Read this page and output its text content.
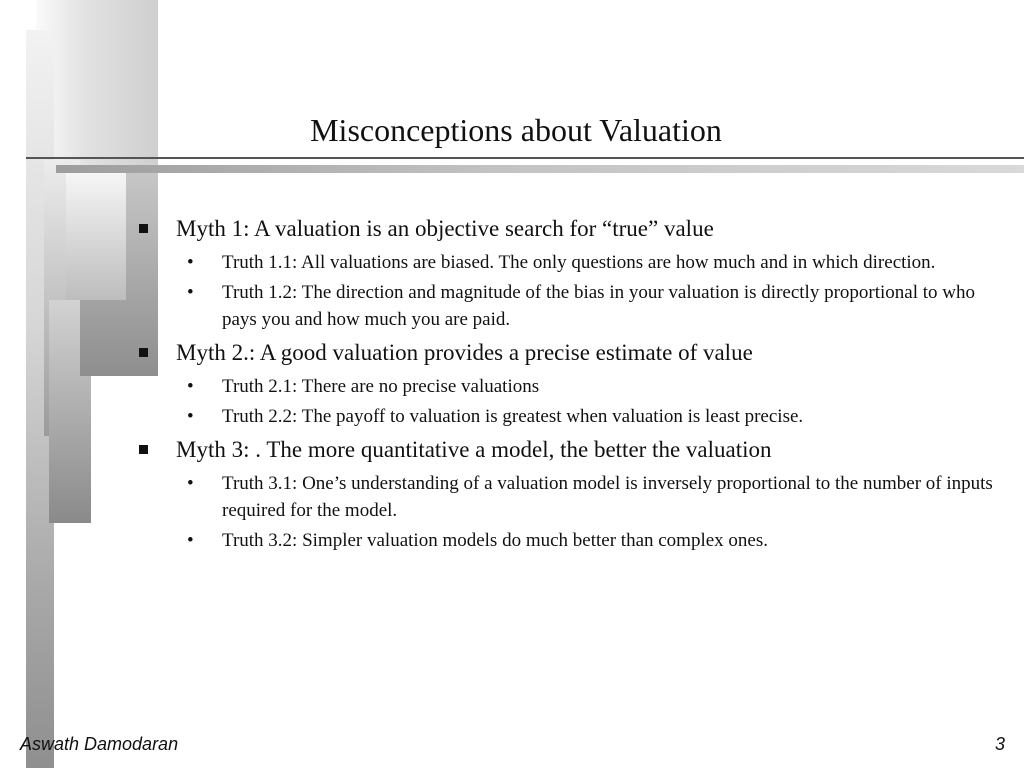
Misconceptions about Valuation
Myth 1: A valuation is an objective search for “true” value
• Truth 1.1: All valuations are biased. The only questions are how much and in which direction.
• Truth 1.2: The direction and magnitude of the bias in your valuation is directly proportional to who pays you and how much you are paid.
Myth 2.: A good valuation provides a precise estimate of value
• Truth 2.1: There are no precise valuations
• Truth 2.2: The payoff to valuation is greatest when valuation is least precise.
Myth 3: . The more quantitative a model, the better the valuation
• Truth 3.1: One’s understanding of a valuation model is inversely proportional to the number of inputs required for the model.
• Truth 3.2: Simpler valuation models do much better than complex ones.
Aswath Damodaran	3
